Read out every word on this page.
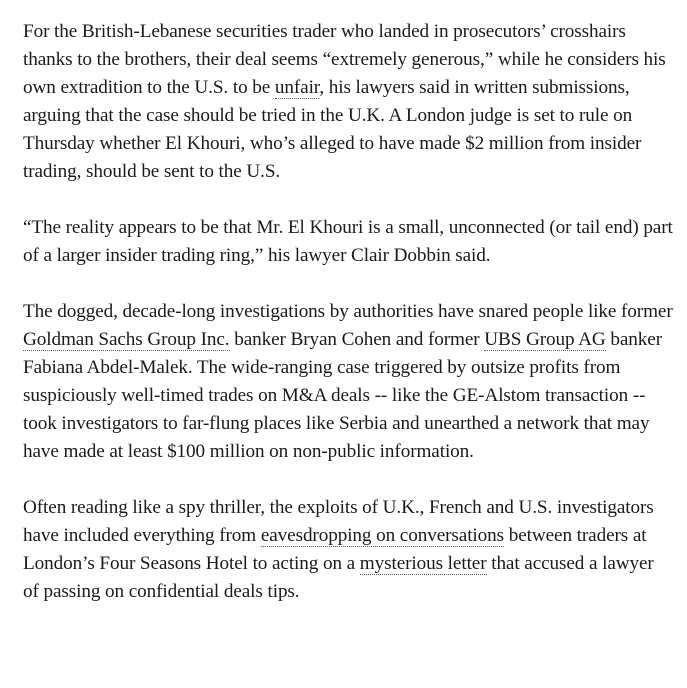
For the British-Lebanese securities trader who landed in prosecutors’ crosshairs thanks to the brothers, their deal seems “extremely generous,” while he considers his own extradition to the U.S. to be unfair, his lawyers said in written submissions, arguing that the case should be tried in the U.K. A London judge is set to rule on Thursday whether El Khouri, who’s alleged to have made $2 million from insider trading, should be sent to the U.S.

“The reality appears to be that Mr. El Khouri is a small, unconnected (or tail end) part of a larger insider trading ring,” his lawyer Clair Dobbin said.

The dogged, decade-long investigations by authorities have snared people like former Goldman Sachs Group Inc. banker Bryan Cohen and former UBS Group AG banker Fabiana Abdel-Malek. The wide-ranging case triggered by outsize profits from suspiciously well-timed trades on M&A deals -- like the GE-Alstom transaction -- took investigators to far-flung places like Serbia and unearthed a network that may have made at least $100 million on non-public information.

Often reading like a spy thriller, the exploits of U.K., French and U.S. investigators have included everything from eavesdropping on conversations between traders at London’s Four Seasons Hotel to acting on a mysterious letter that accused a lawyer of passing on confidential deals tips.
